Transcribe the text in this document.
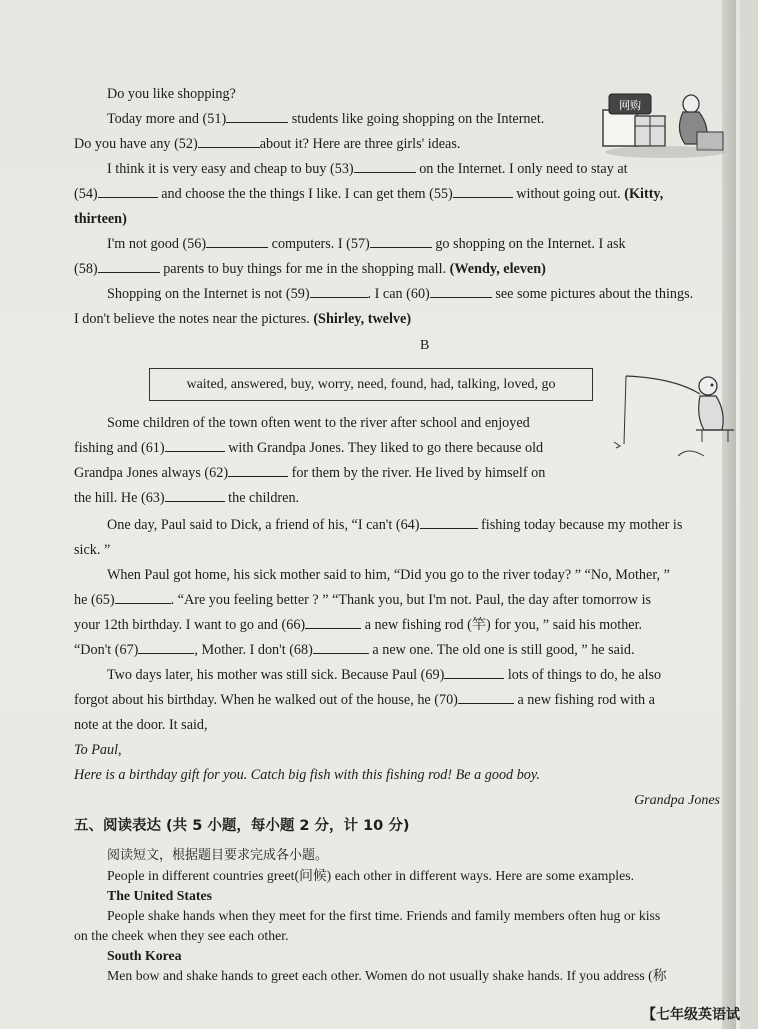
网购
Do you like shopping?
Today more and (51)	students like going shopping on the Internet.
Do you have any (52)	about it? Here are three girls' ideas.
I think it is very easy and cheap to buy (53)	on the Internet. I only need to stay at
(54)	and choose the the things I like. I can get them (55)	without going out. (Kitty,
thirteen)
I'm not good (56)	computers. I (57)	go shopping on the Internet. I ask
(58)	parents to buy things for me in the shopping mall. (Wendy, eleven)
Shopping on the Internet is not (59)	. I can (60)	see some pictures about the things.
I don't believe the notes near the pictures. (Shirley, twelve)
B
waited, answered, buy, worry, need, found, had, talking, loved, go
Some children of the town often went to the river after school and enjoyed
fishing and (61)	with Grandpa Jones. They liked to go there because old
Grandpa Jones always (62)	for them by the river. He lived by himself on
the hill. He (63)	the children.
One day, Paul said to Dick, a friend of his, “I can't (64)	fishing today because my mother is
sick. ”
When Paul got home, his sick mother said to him, “Did you go to the river today? ” “No, Mother, ”
he (65)	. “Are you feeling better ? ” “Thank you, but I'm not. Paul, the day after tomorrow is
your 12th birthday. I want to go and (66)	a new fishing rod (竿) for you, ” said his mother.
“Don't (67)	, Mother. I don't (68)	a new one. The old one is still good, ” he said.
Two days later, his mother was still sick. Because Paul (69)	lots of things to do, he also
forgot about his birthday. When he walked out of the house, he (70)	a new fishing rod with a
note at the door. It said,
To Paul,
Here is a birthday gift for you. Catch big fish with this fishing rod! Be a good boy.
Grandpa Jones
五、阅读表达 (共 5 小题，每小题 2 分，计 10 分)
阅读短文，根据题目要求完成各小题。
People in different countries greet(问候) each other in different ways. Here are some examples.
The United States
People shake hands when they meet for the first time. Friends and family members often hug or kiss
on the cheek when they see each other.
South Korea
Men bow and shake hands to greet each other. Women do not usually shake hands. If you address (称
【七年级英语试
